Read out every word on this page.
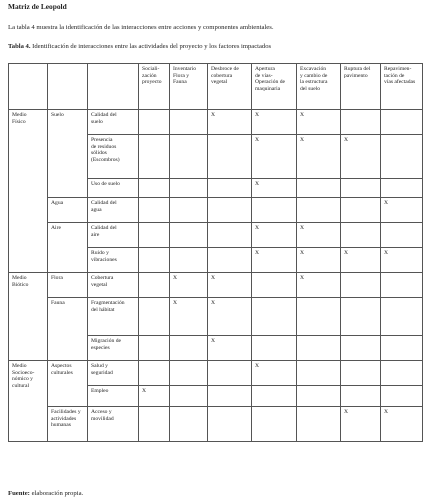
Matriz de Leopold
La tabla 4 muestra la identificación de las interacciones entre acciones y componentes ambientales.
Tabla 4. Identificación de interacciones entre las actividades del proyecto y los factores impactados
			Sociali-
zación
proyecto	Inventario
Flora y
Fauna	Desbroce de
cobertura
vegetal	Apertura
de vías-
Operación de
maquinaria	Excavación
y cambio de
la estructura
del suelo	Ruptura del
pavimento	Repavimen-
tación de
vías afectadas
Medio
Físico	Suelo	Calidad del
suelo			X	X	X		
		Presencia
de residuos
sólidos
(Escombros)				X	X	X	
		Uso de suelo				X			
	Agua	Calidad del
agua							X
	Aire	Calidad del
aire				X	X		
		Ruido y
vibraciones				X	X	X	X
Medio
Biótico	Flora	Cobertura
vegetal		X	X		X		
	Fauna	Fragmentación
del hábitat		X	X				
		Migración de
especies			X				
Medio
Socioeco-
nómico y
cultural	Aspectos
culturales	Salud y
seguridad				X			
		Empleo	X						
	Facilidades y
actividades
humanas	Acceso y
movilidad						X	X
Fuente: elaboración propia.
